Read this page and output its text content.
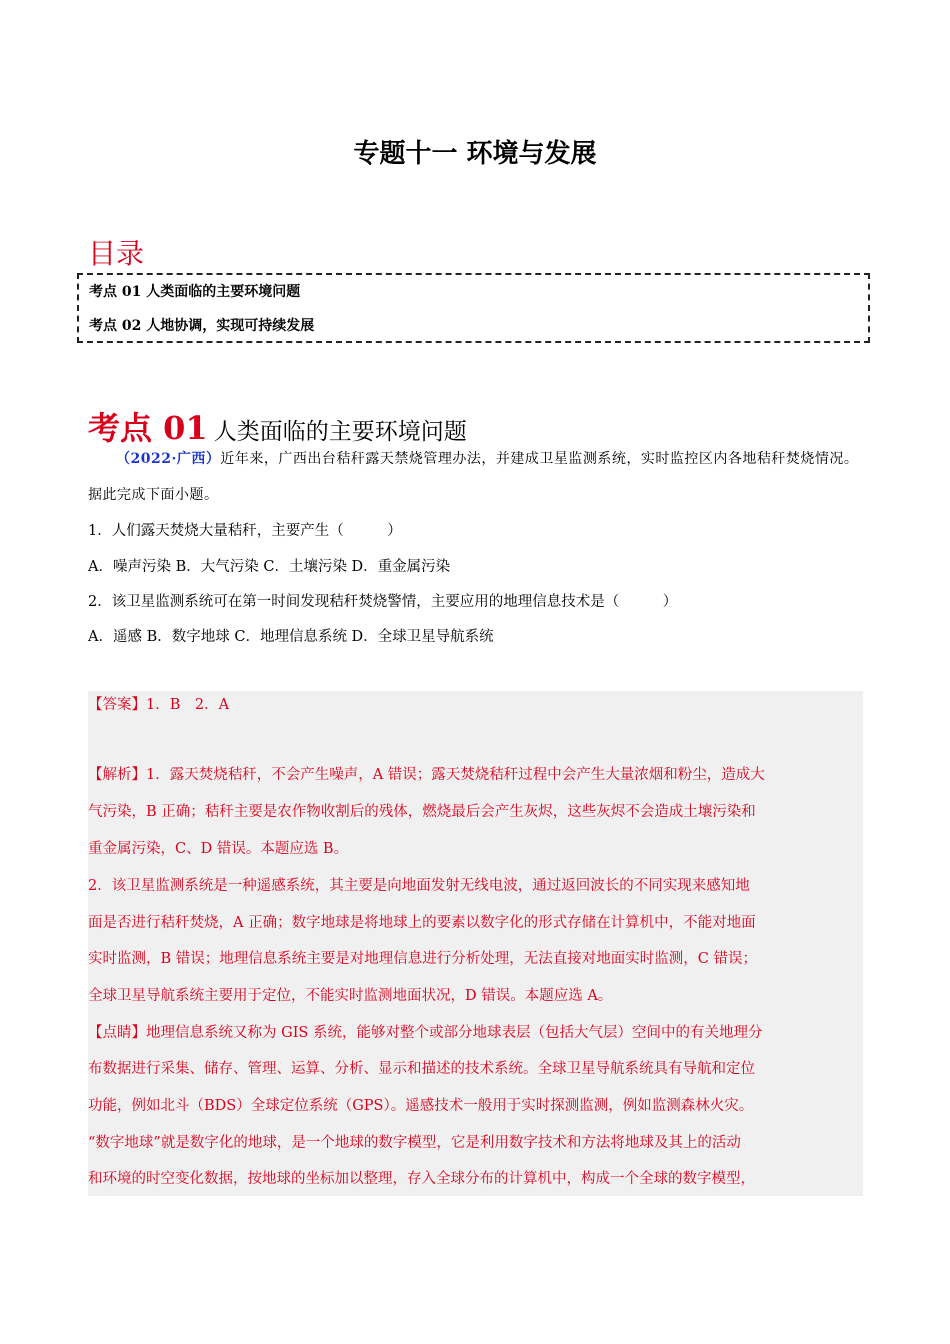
专题十一 环境与发展
目录
考点 01 人类面临的主要环境问题
考点 02 人地协调，实现可持续发展
考点 01 人类面临的主要环境问题
（2022·广西）近年来，广西出台秸秆露天禁烧管理办法，并建成卫星监测系统，实时监控区内各地秸秆焚烧情况。据此完成下面小题。
1．人们露天焚烧大量秸秆，主要产生（　　　）
A．噪声污染 B．大气污染 C．土壤污染 D．重金属污染
2．该卫星监测系统可在第一时间发现秸秆焚烧警情，主要应用的地理信息技术是（　　　）
A．遥感 B．数字地球 C．地理信息系统 D．全球卫星导航系统
【答案】1．B　2．A
【解析】1．露天焚烧秸秆，不会产生噪声，A 错误；露天焚烧秸秆过程中会产生大量浓烟和粉尘，造成大
气污染，B 正确；秸秆主要是农作物收割后的残体，燃烧最后会产生灰烬，这些灰烬不会造成土壤污染和
重金属污染，C、D 错误。本题应选 B。
2．该卫星监测系统是一种遥感系统，其主要是向地面发射无线电波，通过返回波长的不同实现来感知地
面是否进行秸秆焚烧，A 正确；数字地球是将地球上的要素以数字化的形式存储在计算机中，不能对地面
实时监测，B 错误；地理信息系统主要是对地理信息进行分析处理，无法直接对地面实时监测，C 错误；
全球卫星导航系统主要用于定位，不能实时监测地面状况，D 错误。本题应选 A。
【点睛】地理信息系统又称为 GIS 系统，能够对整个或部分地球表层（包括大气层）空间中的有关地理分
布数据进行采集、储存、管理、运算、分析、显示和描述的技术系统。全球卫星导航系统具有导航和定位
功能，例如北斗（BDS）全球定位系统（GPS）。遥感技术一般用于实时探测监测，例如监测森林火灾。
“数字地球”就是数字化的地球，是一个地球的数字模型，它是利用数字技术和方法将地球及其上的活动
和环境的时空变化数据，按地球的坐标加以整理，存入全球分布的计算机中，构成一个全球的数字模型，
